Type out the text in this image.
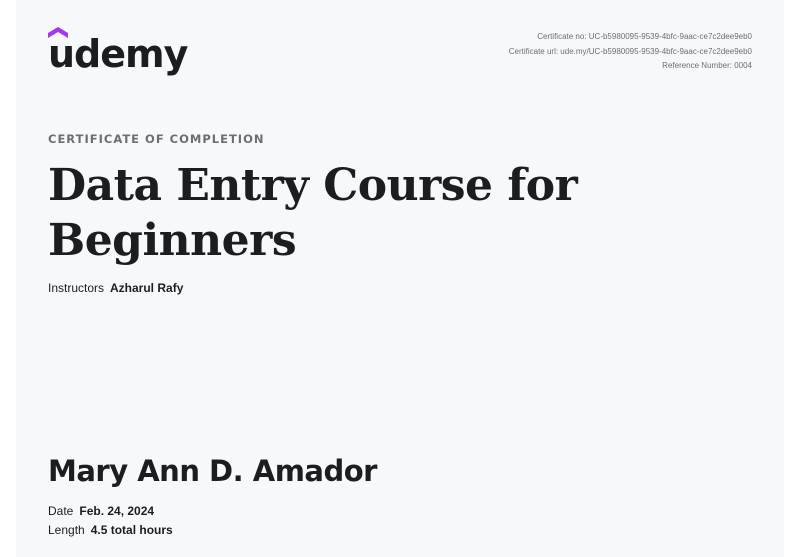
udemy	Certificate no: UC-b5980095-9539-4bfc-9aac-ce7c2dee9eb0
Certificate url: ude.my/UC-b5980095-9539-4bfc-9aac-ce7c2dee9eb0
Reference Number: 0004
CERTIFICATE OF COMPLETION
Data Entry Course for Beginners
Instructors Azharul Rafy
Mary Ann D. Amador
Date Feb. 24, 2024
Length 4.5 total hours
